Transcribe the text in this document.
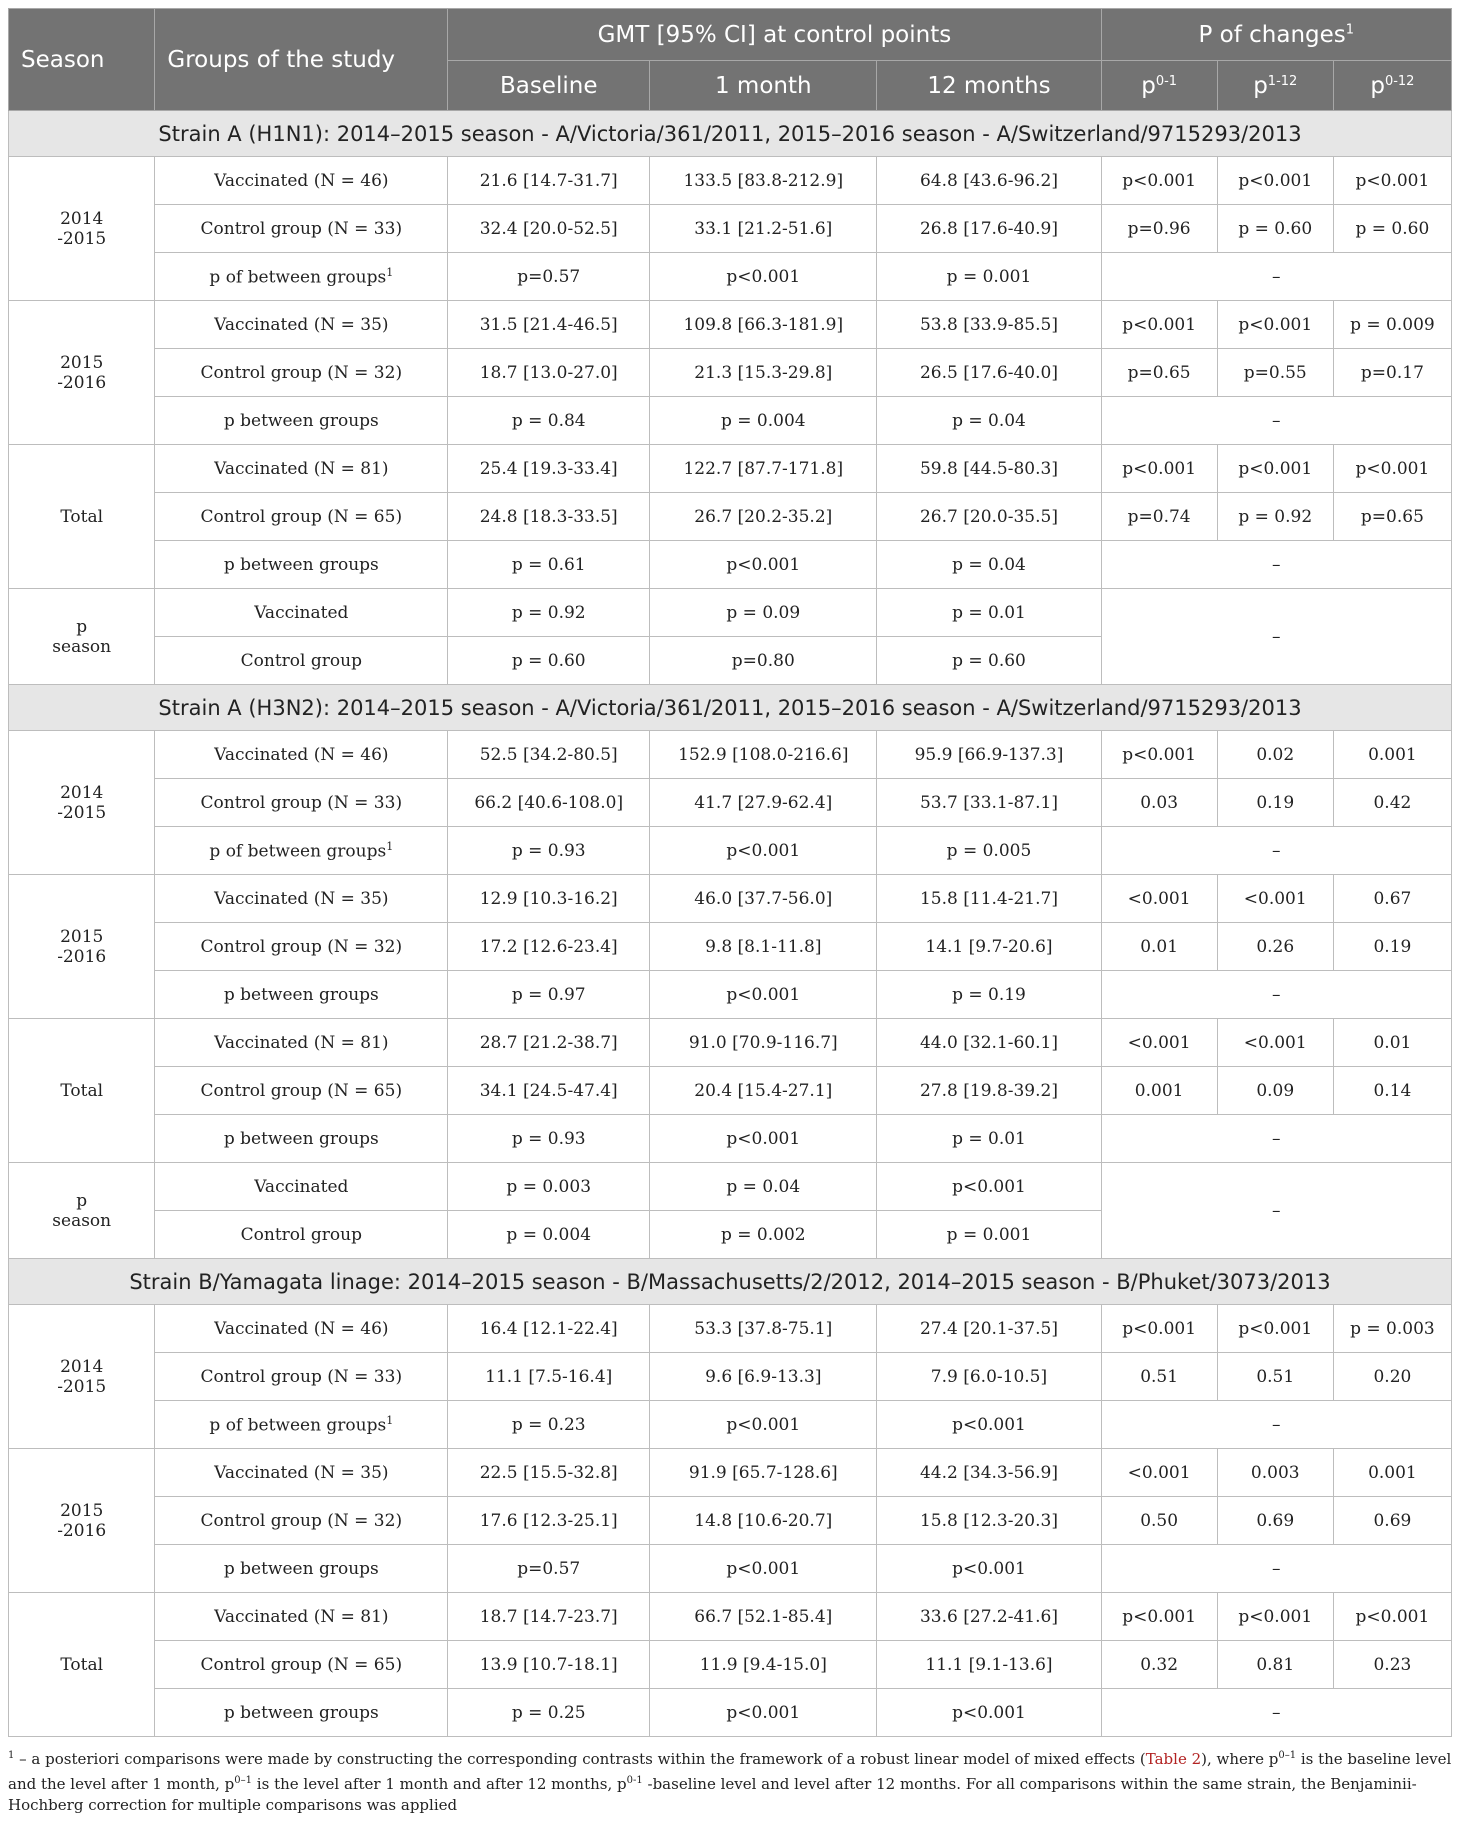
Season	Groups of the study	GMT [95% CI] at control points			P of changes$^1$
		Baseline	1 month	12 months	$p^{0-1}$	$p^{1-12}$	$p^{0-12}$
Strain A (H1N1): 2014–2015 season - A/Victoria/361/2011, 2015–2016 season - A/Switzerland/9715293/2013							
2014
-2015	Vaccinated (N = 46)	21.6 [14.7-31.7]	133.5 [83.8-212.9]	64.8 [43.6-96.2]	p<0.001	p<0.001	p<0.001
	Control group (N = 33)	32.4 [20.0-52.5]	33.1 [21.2-51.6]	26.8 [17.6-40.9]	p=0.96	p = 0.60	p = 0.60
	p of between groups$^1$	p=0.57	p<0.001	p = 0.001	–		
2015
-2016	Vaccinated (N = 35)	31.5 [21.4-46.5]	109.8 [66.3-181.9]	53.8 [33.9-85.5]	p<0.001	p<0.001	p = 0.009
	Control group (N = 32)	18.7 [13.0-27.0]	21.3 [15.3-29.8]	26.5 [17.6-40.0]	p=0.65	p=0.55	p=0.17
	p between groups	p = 0.84	p = 0.004	p = 0.04	–		
Total	Vaccinated (N = 81)	25.4 [19.3-33.4]	122.7 [87.7-171.8]	59.8 [44.5-80.3]	p<0.001	p<0.001	p<0.001
	Control group (N = 65)	24.8 [18.3-33.5]	26.7 [20.2-35.2]	26.7 [20.0-35.5]	p=0.74	p = 0.92	p=0.65
	p between groups	p = 0.61	p<0.001	p = 0.04	–		
p
season	Vaccinated	p = 0.92	p = 0.09	p = 0.01	–		
	Control group	p = 0.60	p=0.80	p = 0.60			
Strain A (H3N2): 2014–2015 season - A/Victoria/361/2011, 2015–2016 season - A/Switzerland/9715293/2013							
2014
-2015	Vaccinated (N = 46)	52.5 [34.2-80.5]	152.9 [108.0-216.6]	95.9 [66.9-137.3]	p<0.001	0.02	0.001
	Control group (N = 33)	66.2 [40.6-108.0]	41.7 [27.9-62.4]	53.7 [33.1-87.1]	0.03	0.19	0.42
	p of between groups$^1$	p = 0.93	p<0.001	p = 0.005	–		
2015
-2016	Vaccinated (N = 35)	12.9 [10.3-16.2]	46.0 [37.7-56.0]	15.8 [11.4-21.7]	<0.001	<0.001	0.67
	Control group (N = 32)	17.2 [12.6-23.4]	9.8 [8.1-11.8]	14.1 [9.7-20.6]	0.01	0.26	0.19
	p between groups	p = 0.97	p<0.001	p = 0.19	–		
Total	Vaccinated (N = 81)	28.7 [21.2-38.7]	91.0 [70.9-116.7]	44.0 [32.1-60.1]	<0.001	<0.001	0.01
	Control group (N = 65)	34.1 [24.5-47.4]	20.4 [15.4-27.1]	27.8 [19.8-39.2]	0.001	0.09	0.14
	p between groups	p = 0.93	p<0.001	p = 0.01	–		
p
season	Vaccinated	p = 0.003	p = 0.04	p<0.001	–		
	Control group	p = 0.004	p = 0.002	p = 0.001			
Strain B/Yamagata linage: 2014–2015 season - B/Massachusetts/2/2012, 2014–2015 season - B/Phuket/3073/2013							
2014
-2015	Vaccinated (N = 46)	16.4 [12.1-22.4]	53.3 [37.8-75.1]	27.4 [20.1-37.5]	p<0.001	p<0.001	p = 0.003
	Control group (N = 33)	11.1 [7.5-16.4]	9.6 [6.9-13.3]	7.9 [6.0-10.5]	0.51	0.51	0.20
	p of between groups$^1$	p = 0.23	p<0.001	p<0.001	–		
2015
-2016	Vaccinated (N = 35)	22.5 [15.5-32.8]	91.9 [65.7-128.6]	44.2 [34.3-56.9]	<0.001	0.003	0.001
	Control group (N = 32)	17.6 [12.3-25.1]	14.8 [10.6-20.7]	15.8 [12.3-20.3]	0.50	0.69	0.69
	p between groups	p=0.57	p<0.001	p<0.001	–		
Total	Vaccinated (N = 81)	18.7 [14.7-23.7]	66.7 [52.1-85.4]	33.6 [27.2-41.6]	p<0.001	p<0.001	p<0.001
	Control group (N = 65)	13.9 [10.7-18.1]	11.9 [9.4-15.0]	11.1 [9.1-13.6]	0.32	0.81	0.23
	p between groups	p = 0.25	p<0.001	p<0.001	–		
$^1$ – a posteriori comparisons were made by constructing the corresponding contrasts within the framework of a robust linear model of mixed effects (Table 2), where $p^{0-1}$ is the baseline level and the level after 1 month, $p^{0-1}$ is the level after 1 month and after 12 months, $p^{0-1}$ -baseline level and level after 12 months. For all comparisons within the same strain, the Benjaminii-Hochberg correction for multiple comparisons was applied
